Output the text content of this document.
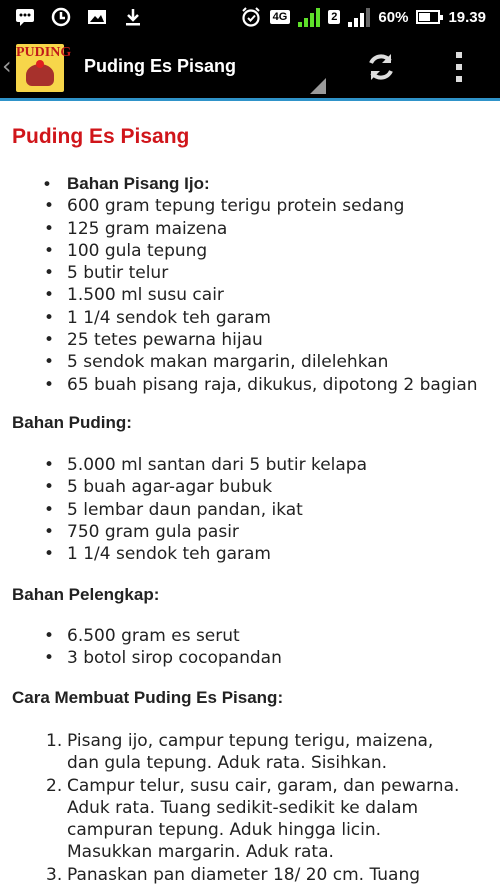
4G	2	60%	19.39
‹ PUDING
Puding Es Pisang
Puding Es Pisang
• Bahan Pisang Ijo:
• 600 gram tepung terigu protein sedang
• 125 gram maizena
• 100 gula tepung
• 5 butir telur
• 1.500 ml susu cair
• 1 1/4 sendok teh garam
• 25 tetes pewarna hijau
• 5 sendok makan margarin, dilelehkan
• 65 buah pisang raja, dikukus, dipotong 2 bagian
Bahan Puding:
• 5.000 ml santan dari 5 butir kelapa
• 5 buah agar-agar bubuk
• 5 lembar daun pandan, ikat
• 750 gram gula pasir
• 1 1/4 sendok teh garam
Bahan Pelengkap:
• 6.500 gram es serut
• 3 botol sirop cocopandan
Cara Membuat Puding Es Pisang:
1. Pisang ijo, campur tepung terigu, maizena, dan gula tepung. Aduk rata. Sisihkan.
2. Campur telur, susu cair, garam, dan pewarna. Aduk rata. Tuang sedikit-sedikit ke dalam campuran tepung. Aduk hingga licin. Masukkan margarin. Aduk rata.
3. Panaskan pan diameter 18/ 20 cm. Tuang
